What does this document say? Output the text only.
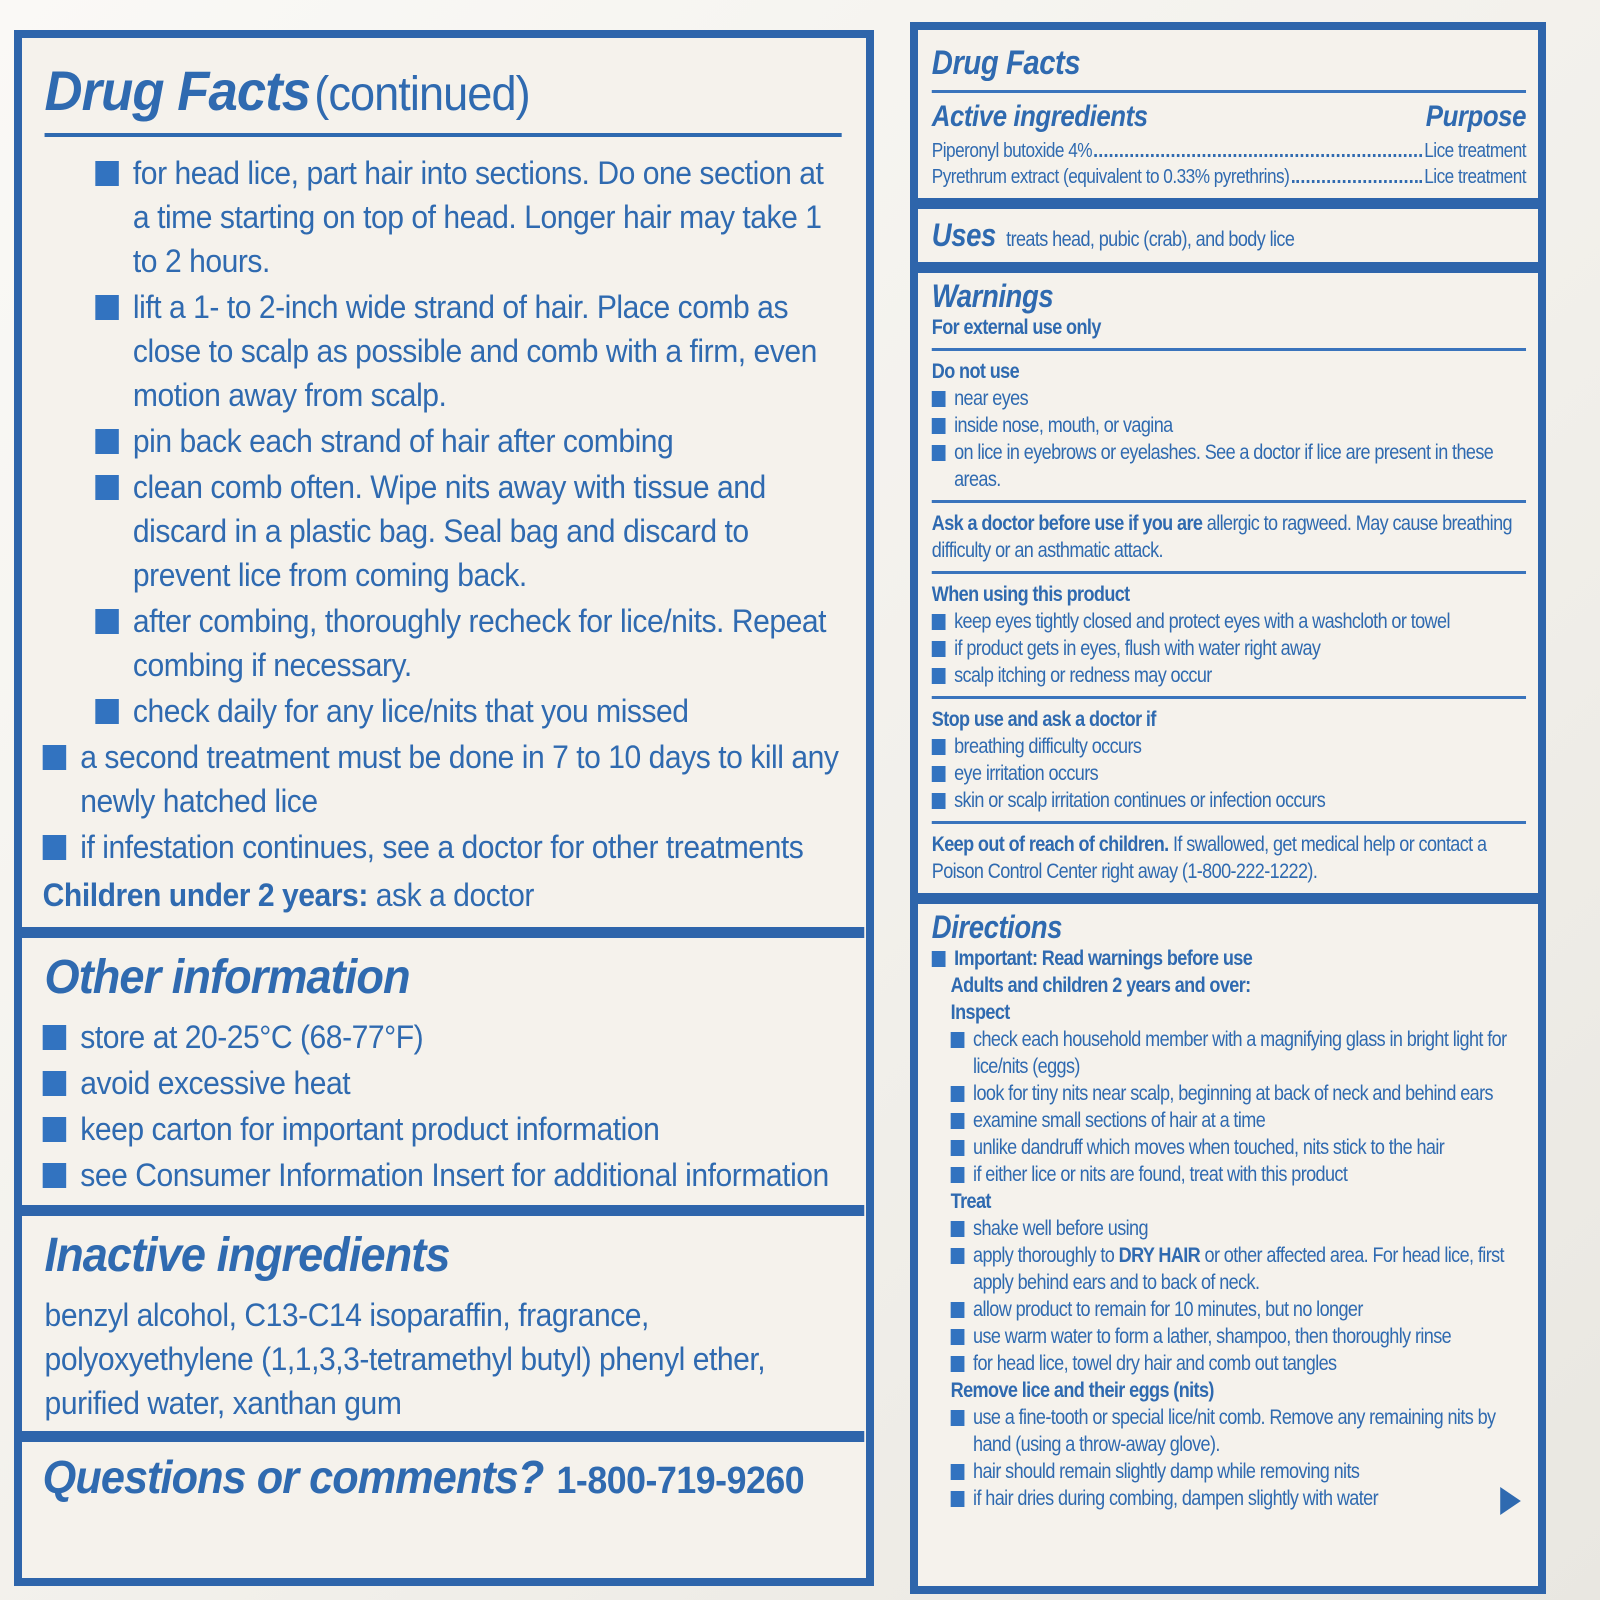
Drug Facts (continued)
for head lice, part hair into sections. Do one section at a time starting on top of head. Longer hair may take 1 to 2 hours.
lift a 1- to 2-inch wide strand of hair. Place comb as close to scalp as possible and comb with a firm, even motion away from scalp.
pin back each strand of hair after combing
clean comb often. Wipe nits away with tissue and discard in a plastic bag. Seal bag and discard to prevent lice from coming back.
after combing, thoroughly recheck for lice/nits. Repeat combing if necessary.
check daily for any lice/nits that you missed
a second treatment must be done in 7 to 10 days to kill any newly hatched lice
if infestation continues, see a doctor for other treatments
Children under 2 years: ask a doctor
Other information
store at 20-25°C (68-77°F)
avoid excessive heat
keep carton for important product information
see Consumer Information Insert for additional information
Inactive ingredients
benzyl alcohol, C13-C14 isoparaffin, fragrance, polyoxyethylene (1,1,3,3-tetramethyl butyl) phenyl ether, purified water, xanthan gum
Questions or comments? 1-800-719-9260
Drug Facts
Active ingredients	Purpose
Piperonyl butoxide 4%	Lice treatment
Pyrethrum extract (equivalent to 0.33% pyrethrins)	Lice treatment
Uses treats head, pubic (crab), and body lice
Warnings
For external use only
Do not use
near eyes
inside nose, mouth, or vagina
on lice in eyebrows or eyelashes. See a doctor if lice are present in these areas.
Ask a doctor before use if you are allergic to ragweed. May cause breathing difficulty or an asthmatic attack.
When using this product
keep eyes tightly closed and protect eyes with a washcloth or towel
if product gets in eyes, flush with water right away
scalp itching or redness may occur
Stop use and ask a doctor if
breathing difficulty occurs
eye irritation occurs
skin or scalp irritation continues or infection occurs
Keep out of reach of children. If swallowed, get medical help or contact a Poison Control Center right away (1-800-222-1222).
Directions
Important: Read warnings before use
Adults and children 2 years and over:
Inspect
check each household member with a magnifying glass in bright light for lice/nits (eggs)
look for tiny nits near scalp, beginning at back of neck and behind ears
examine small sections of hair at a time
unlike dandruff which moves when touched, nits stick to the hair
if either lice or nits are found, treat with this product
Treat
shake well before using
apply thoroughly to DRY HAIR or other affected area. For head lice, first apply behind ears and to back of neck.
allow product to remain for 10 minutes, but no longer
use warm water to form a lather, shampoo, then thoroughly rinse
for head lice, towel dry hair and comb out tangles
Remove lice and their eggs (nits)
use a fine-tooth or special lice/nit comb. Remove any remaining nits by hand (using a throw-away glove).
hair should remain slightly damp while removing nits
if hair dries during combing, dampen slightly with water
